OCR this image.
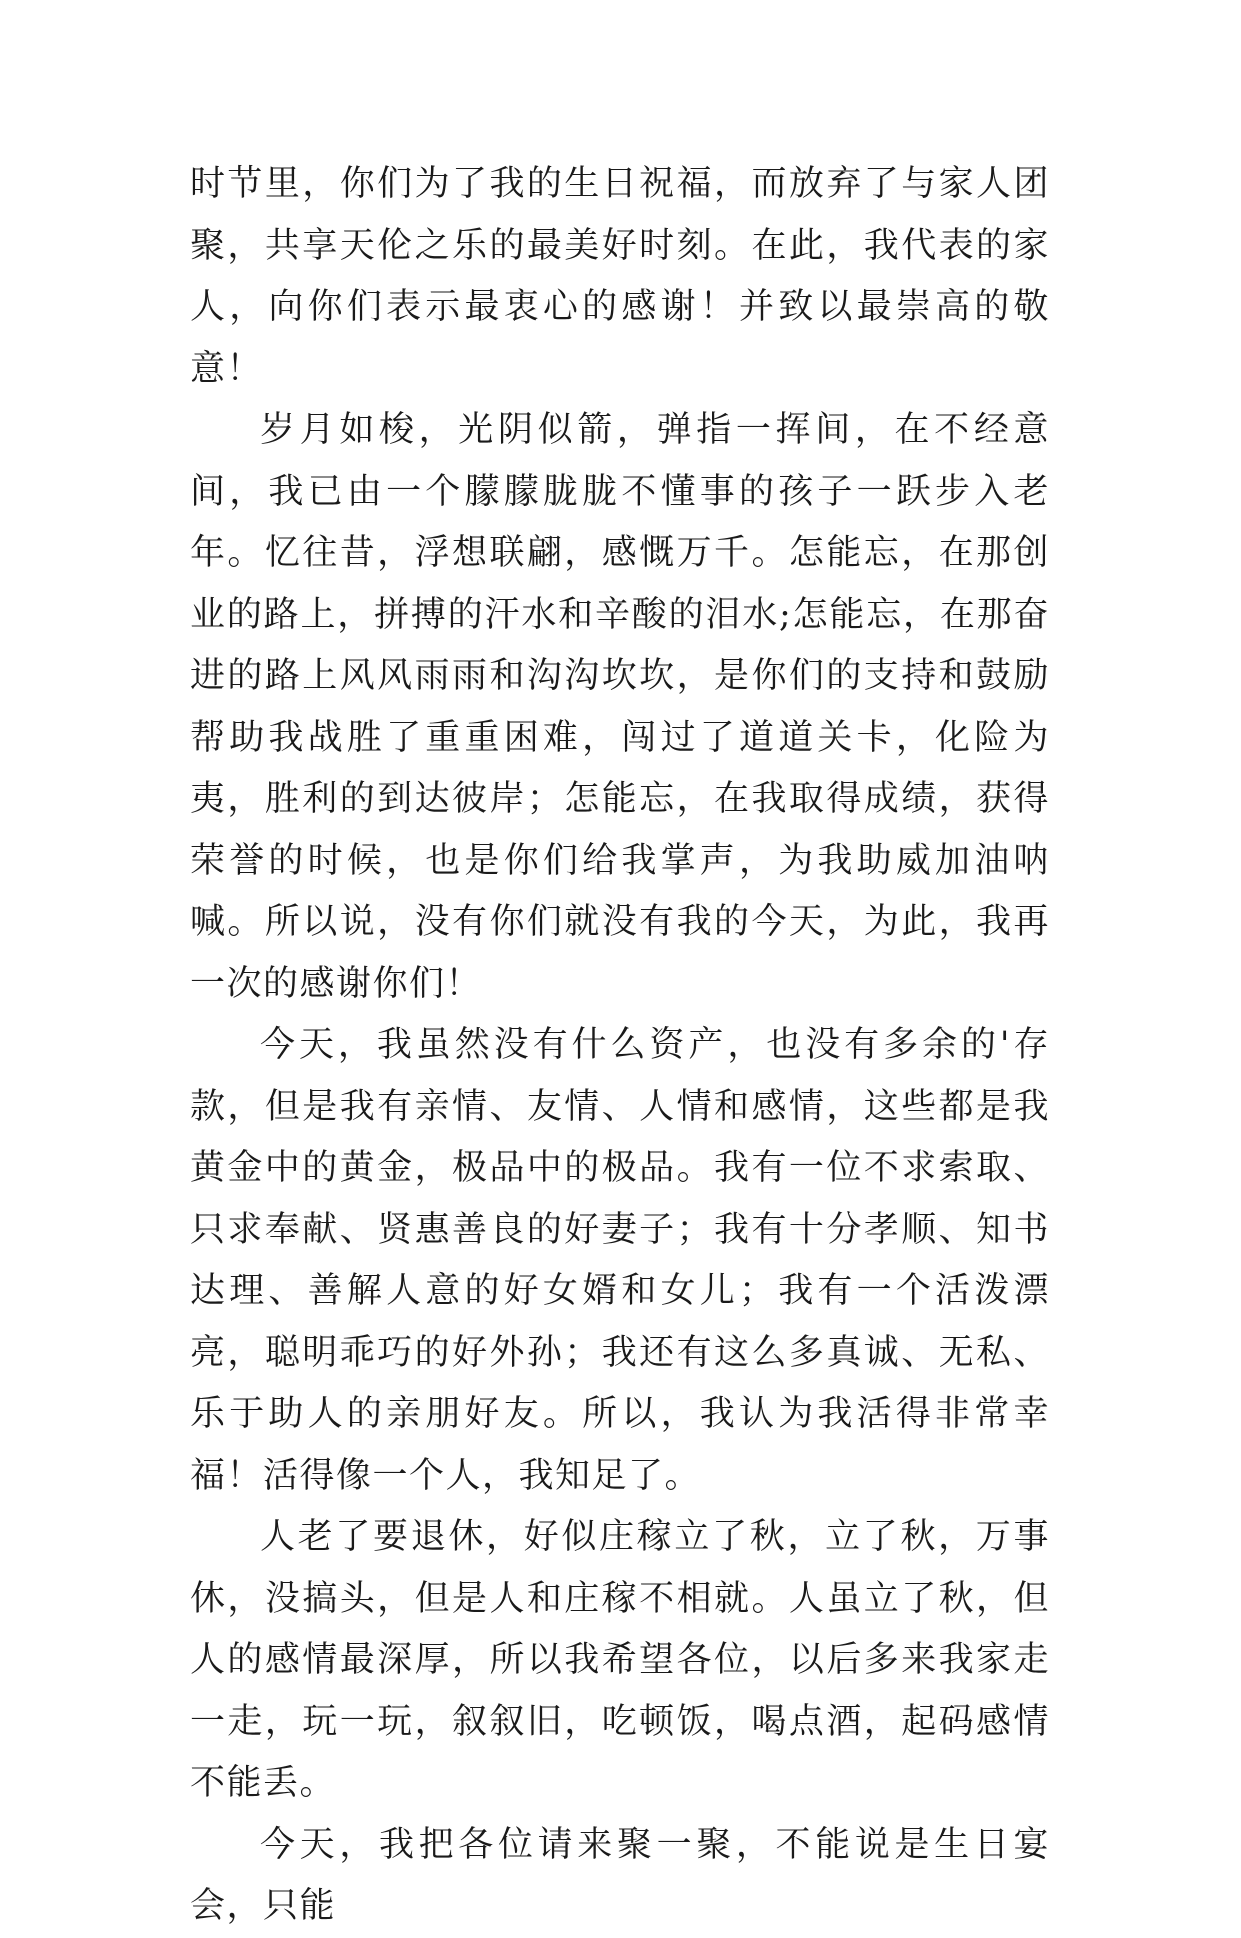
时节里，你们为了我的生日祝福，而放弃了与家人团聚，共享天伦之乐的最美好时刻。在此，我代表的家人，向你们表示最衷心的感谢！并致以最崇高的敬意！

岁月如梭，光阴似箭，弹指一挥间，在不经意间，我已由一个朦朦胧胧不懂事的孩子一跃步入老年。忆往昔，浮想联翩，感慨万千。怎能忘，在那创业的路上，拼搏的汗水和辛酸的泪水;怎能忘，在那奋进的路上风风雨雨和沟沟坎坎，是你们的支持和鼓励帮助我战胜了重重困难，闯过了道道关卡，化险为夷，胜利的到达彼岸；怎能忘，在我取得成绩，获得荣誉的时候，也是你们给我掌声，为我助威加油呐喊。所以说，没有你们就没有我的今天，为此，我再一次的感谢你们！

今天，我虽然没有什么资产，也没有多余的'存款，但是我有亲情、友情、人情和感情，这些都是我黄金中的黄金，极品中的极品。我有一位不求索取、只求奉献、贤惠善良的好妻子；我有十分孝顺、知书达理、善解人意的好女婿和女儿；我有一个活泼漂亮，聪明乖巧的好外孙；我还有这么多真诚、无私、乐于助人的亲朋好友。所以，我认为我活得非常幸福！活得像一个人，我知足了。

人老了要退休，好似庄稼立了秋，立了秋，万事休，没搞头，但是人和庄稼不相就。人虽立了秋，但人的感情最深厚，所以我希望各位，以后多来我家走一走，玩一玩，叙叙旧，吃顿饭，喝点酒，起码感情不能丢。

今天，我把各位请来聚一聚，不能说是生日宴会，只能
